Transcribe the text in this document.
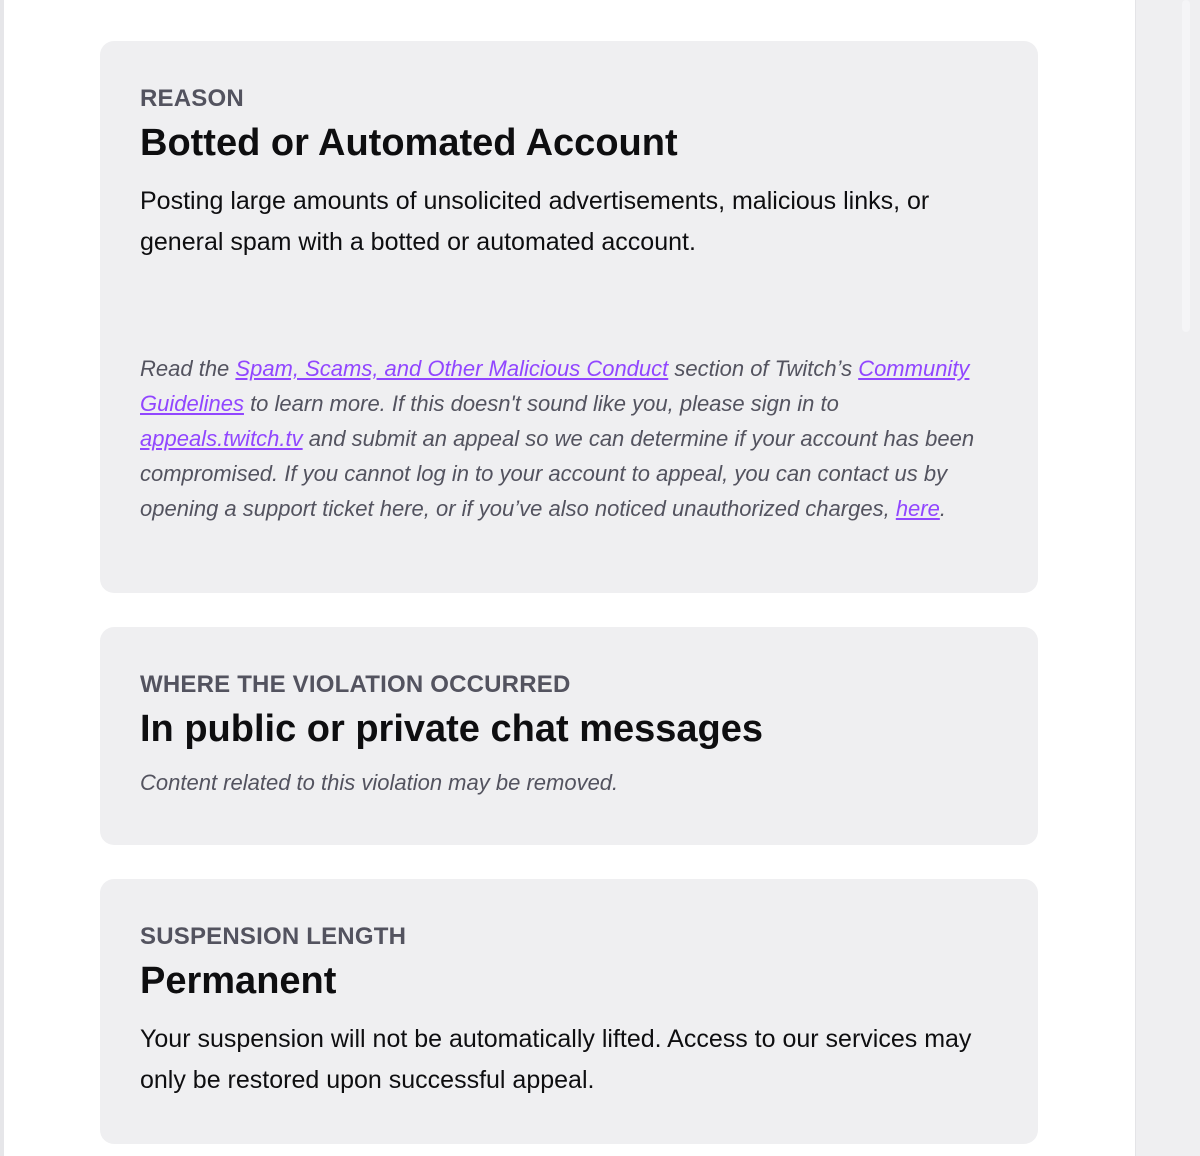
REASON

Botted or Automated Account

Posting large amounts of unsolicited advertisements, malicious links, or general spam with a botted or automated account.

Read the Spam, Scams, and Other Malicious Conduct section of Twitch’s Community Guidelines to learn more. If this doesn't sound like you, please sign in to appeals.twitch.tv and submit an appeal so we can determine if your account has been compromised. If you cannot log in to your account to appeal, you can contact us by opening a support ticket here, or if you’ve also noticed unauthorized charges, here.

WHERE THE VIOLATION OCCURRED

In public or private chat messages

Content related to this violation may be removed.

SUSPENSION LENGTH

Permanent

Your suspension will not be automatically lifted. Access to our services may only be restored upon successful appeal.
